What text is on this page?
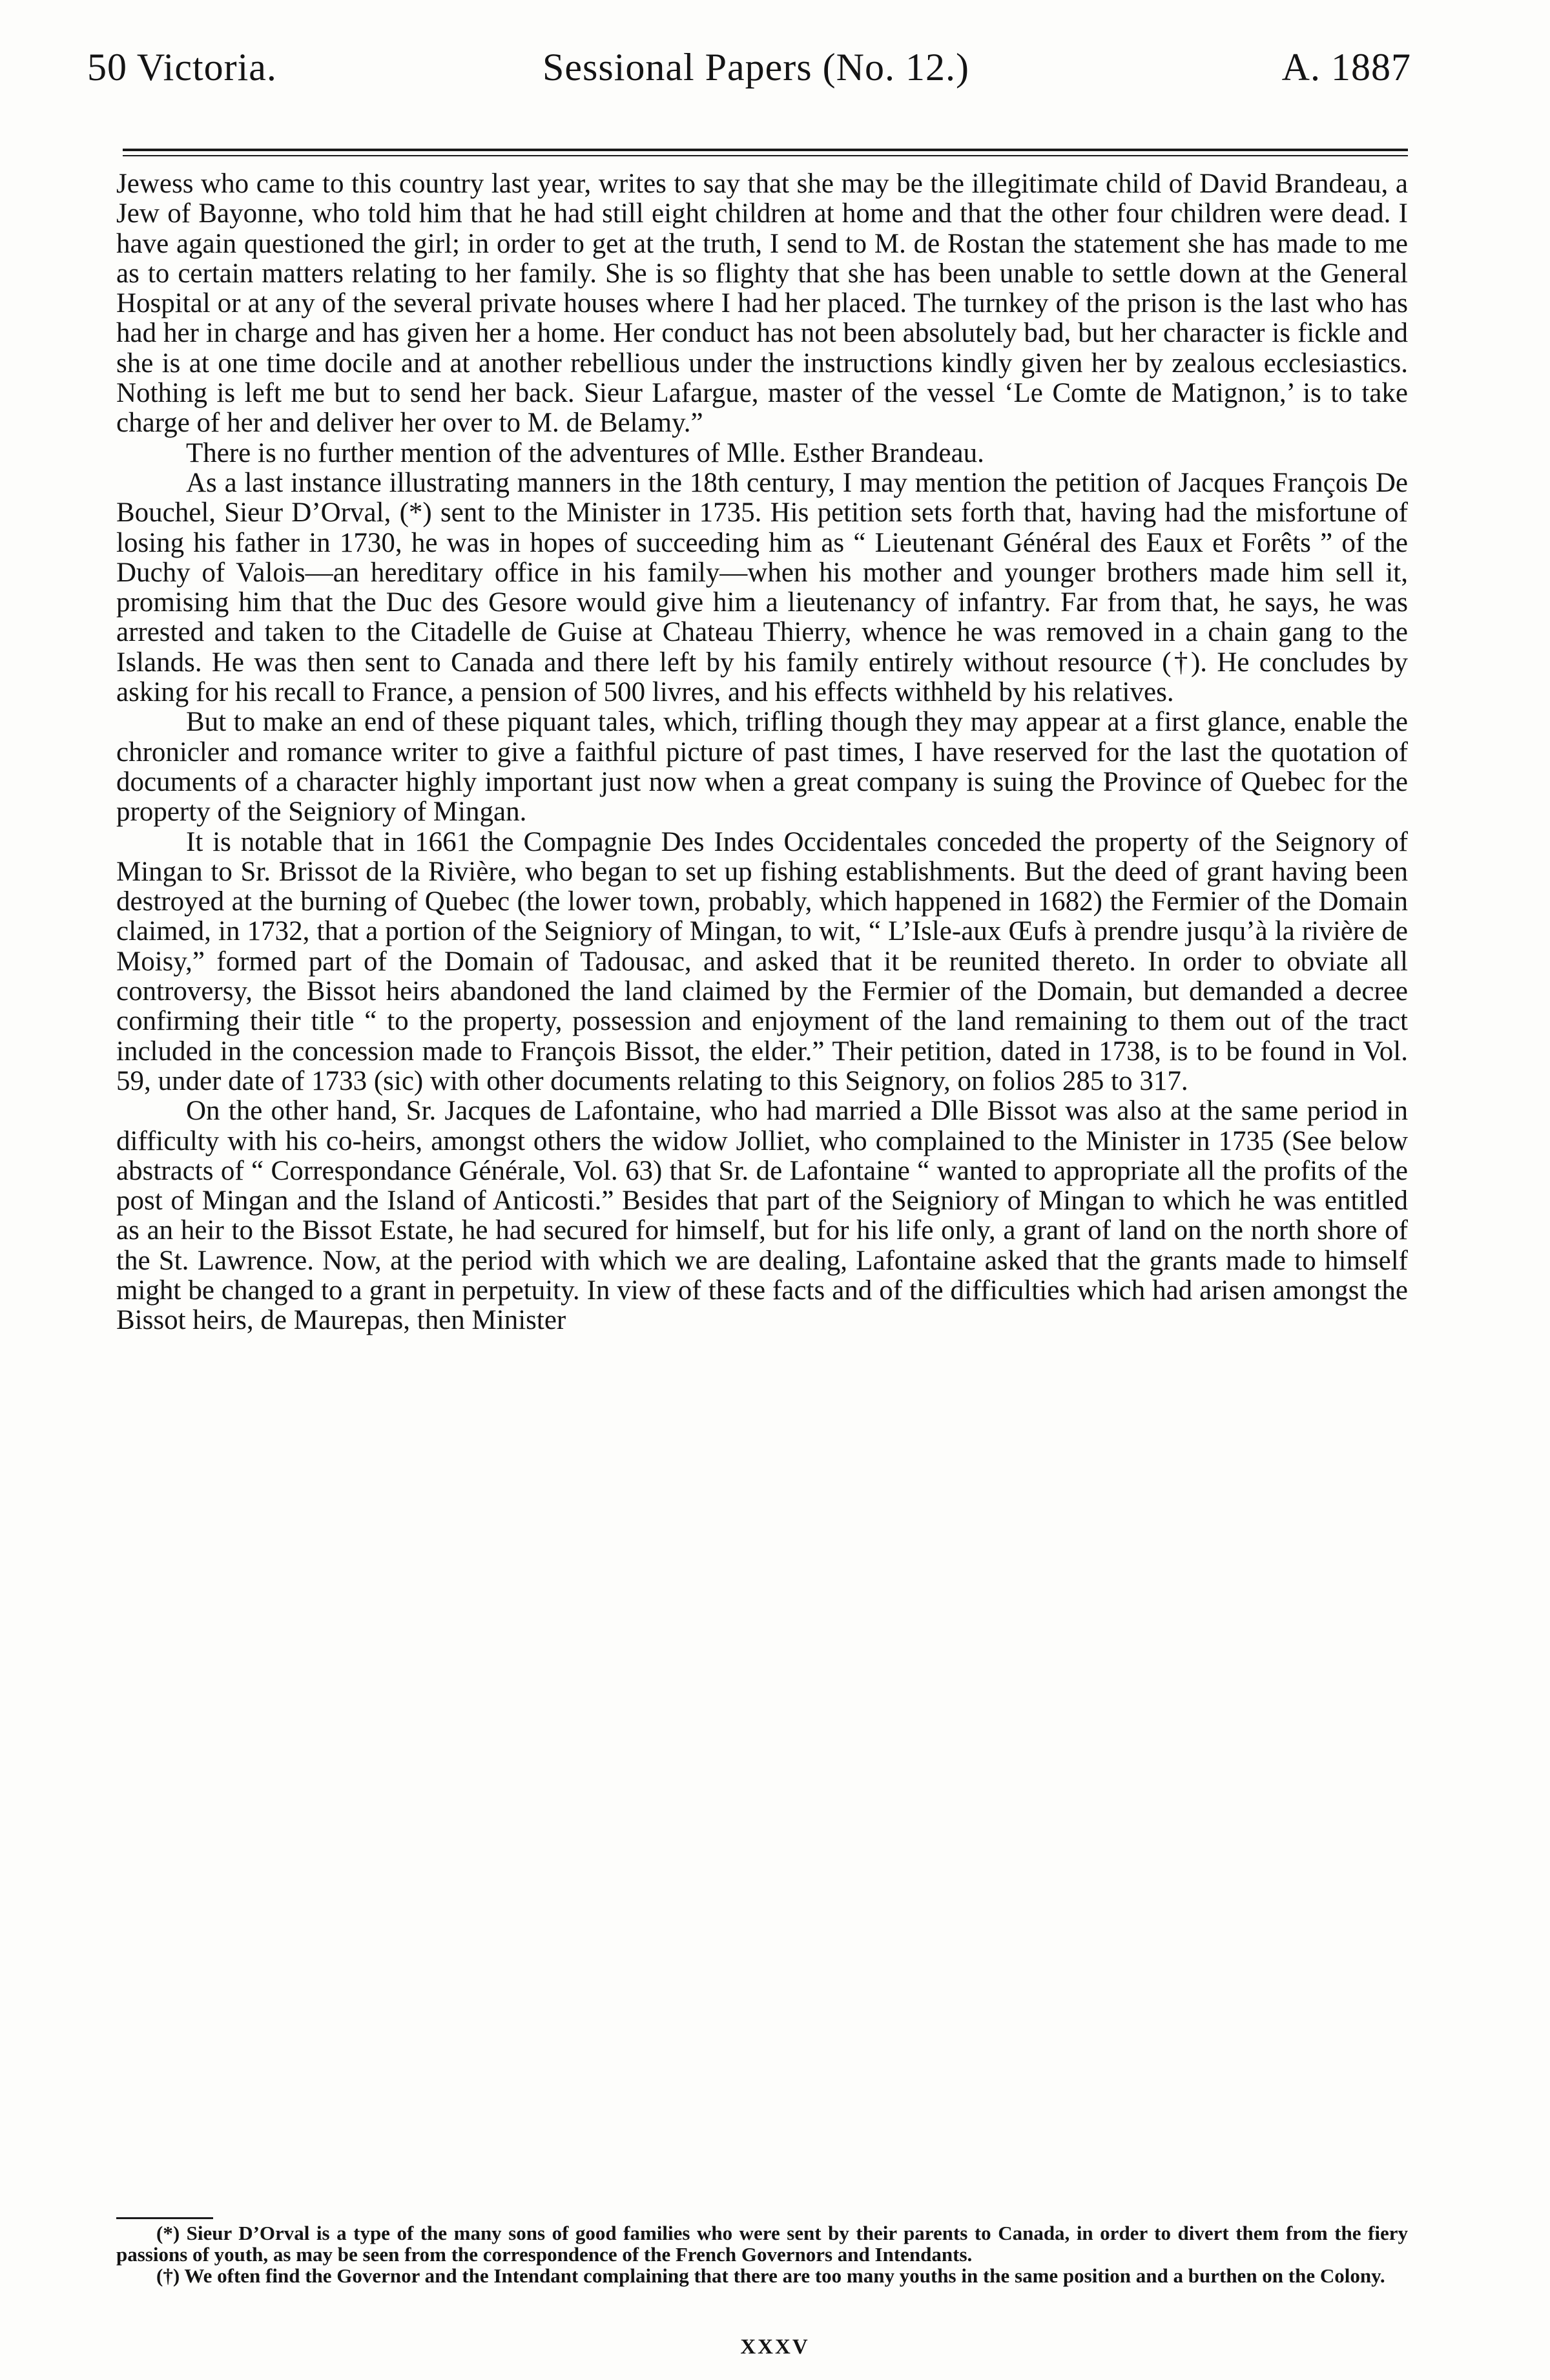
50 Victoria.	Sessional Papers (No. 12.)	A. 1887

Jewess who came to this country last year, writes to say that she may be the illegitimate child of David Brandeau, a Jew of Bayonne, who told him that he had still eight children at home and that the other four children were dead. I have again questioned the girl; in order to get at the truth, I send to M. de Rostan the statement she has made to me as to certain matters relating to her family. She is so flighty that she has been unable to settle down at the General Hospital or at any of the several private houses where I had her placed. The turnkey of the prison is the last who has had her in charge and has given her a home. Her conduct has not been absolutely bad, but her character is fickle and she is at one time docile and at another rebellious under the instructions kindly given her by zealous ecclesiastics. Nothing is left me but to send her back. Sieur Lafargue, master of the vessel ‘Le Comte de Matignon,’ is to take charge of her and deliver her over to M. de Belamy.”

There is no further mention of the adventures of Mlle. Esther Brandeau.

As a last instance illustrating manners in the 18th century, I may mention the petition of Jacques François De Bouchel, Sieur D’Orval, (*) sent to the Minister in 1735. His petition sets forth that, having had the misfortune of losing his father in 1730, he was in hopes of succeeding him as “ Lieutenant Général des Eaux et Forêts ” of the Duchy of Valois—an hereditary office in his family—when his mother and younger brothers made him sell it, promising him that the Duc des Gesore would give him a lieutenancy of infantry. Far from that, he says, he was arrested and taken to the Citadelle de Guise at Chateau Thierry, whence he was removed in a chain gang to the Islands. He was then sent to Canada and there left by his family entirely without resource (†). He concludes by asking for his recall to France, a pension of 500 livres, and his effects withheld by his relatives.

But to make an end of these piquant tales, which, trifling though they may appear at a first glance, enable the chronicler and romance writer to give a faithful picture of past times, I have reserved for the last the quotation of documents of a character highly important just now when a great company is suing the Province of Quebec for the property of the Seigniory of Mingan.

It is notable that in 1661 the Compagnie Des Indes Occidentales conceded the property of the Seignory of Mingan to Sr. Brissot de la Rivière, who began to set up fishing establishments. But the deed of grant having been destroyed at the burning of Quebec (the lower town, probably, which happened in 1682) the Fermier of the Domain claimed, in 1732, that a portion of the Seigniory of Mingan, to wit, “ L’Isle-aux Œufs à prendre jusqu’à la rivière de Moisy,” formed part of the Domain of Tadousac, and asked that it be reunited thereto. In order to obviate all controversy, the Bissot heirs abandoned the land claimed by the Fermier of the Domain, but demanded a decree confirming their title “ to the property, possession and enjoyment of the land remaining to them out of the tract included in the concession made to François Bissot, the elder.” Their petition, dated in 1738, is to be found in Vol. 59, under date of 1733 (sic) with other documents relating to this Seignory, on folios 285 to 317.

On the other hand, Sr. Jacques de Lafontaine, who had married a Dlle Bissot was also at the same period in difficulty with his co-heirs, amongst others the widow Jolliet, who complained to the Minister in 1735 (See below abstracts of “ Correspondance Générale, Vol. 63) that Sr. de Lafontaine “ wanted to appropriate all the profits of the post of Mingan and the Island of Anticosti.” Besides that part of the Seigniory of Mingan to which he was entitled as an heir to the Bissot Estate, he had secured for himself, but for his life only, a grant of land on the north shore of the St. Lawrence. Now, at the period with which we are dealing, Lafontaine asked that the grants made to himself might be changed to a grant in perpetuity. In view of these facts and of the difficulties which had arisen amongst the Bissot heirs, de Maurepas, then Minister

(*) Sieur D’Orval is a type of the many sons of good families who were sent by their parents to Canada, in order to divert them from the fiery passions of youth, as may be seen from the correspondence of the French Governors and Intendants.

(†) We often find the Governor and the Intendant complaining that there are too many youths in the same position and a burthen on the Colony.

XXXV
